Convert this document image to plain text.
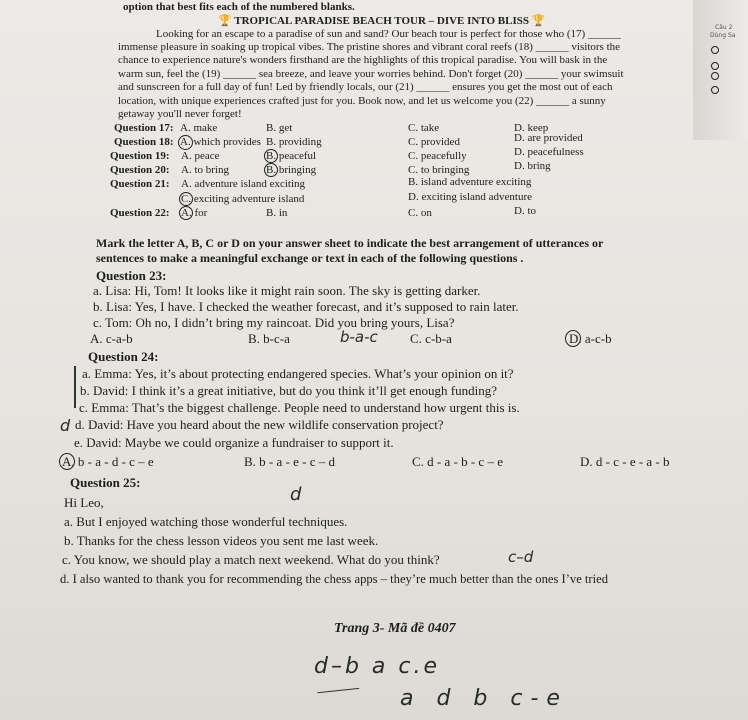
Câu 2
Dùng Sa
option that best fits each of the numbered blanks.
🏆 TROPICAL PARADISE BEACH TOUR – DIVE INTO BLISS 🏆
Looking for an escape to a paradise of sun and sand? Our beach tour is perfect for those who (17) ______
immense pleasure in soaking up tropical vibes. The pristine shores and vibrant coral reefs (18) ______ visitors the
chance to experience nature's wonders firsthand are the highlights of this tropical paradise. You will bask in the
warm sun, feel the (19) ______ sea breeze, and leave your worries behind. Don't forget (20) ______ your swimsuit
and sunscreen for a full day of fun! Led by friendly locals, our (21) ______ ensures you get the most out of each
location, with unique experiences crafted just for you. Book now, and let us welcome you (22) ______ a sunny
getaway you'll never forget!
Question 17: A. make	B. get	C. take	D. keep
Question 18: A. which provides B. providing	C. provided	D. are provided
Question 19: A. peace	B. peaceful	C. peacefully	D. peacefulness
Question 20: A. to bring	B. bringing	C. to bringing	D. bring
Question 21: A. adventure island exciting	B. island adventure exciting
C. exciting adventure island	D. exciting island adventure
Question 22: A. for	B. in	C. on	D. to
Mark the letter A, B, C or D on your answer sheet to indicate the best arrangement of utterances or
sentences to make a meaningful exchange or text in each of the following questions .
Question 23:
a. Lisa: Hi, Tom! It looks like it might rain soon. The sky is getting darker.
b. Lisa: Yes, I have. I checked the weather forecast, and it’s supposed to rain later.
c. Tom: Oh no, I didn’t bring my raincoat. Did you bring yours, Lisa?
A. c-a-b	B. b-c-a	C. c-b-a	D. a-c-b
b-a-c
Question 24:
a. Emma: Yes, it’s about protecting endangered species. What’s your opinion on it?
b. David: I think it’s a great initiative, but do you think it’ll get enough funding?
c. Emma: That’s the biggest challenge. People need to understand how urgent this is.
d. David: Have you heard about the new wildlife conservation project?
e. David: Maybe we could organize a fundraiser to support it.
A. b - a - d - c – e	B. b - a - e - c – d	C. d - a - b - c – e	D. d - c - e - a - b
d
Question 25:
Hi Leo,	d
a. But I enjoyed watching those wonderful techniques.
b. Thanks for the chess lesson videos you sent me last week.
c. You know, we should play a match next weekend. What do you think?	c–d
d. I also wanted to thank you for recommending the chess apps – they’re much better than the ones I’ve tried
Trang 3- Mã đề 0407
d–b a c.e
a d b c-e
